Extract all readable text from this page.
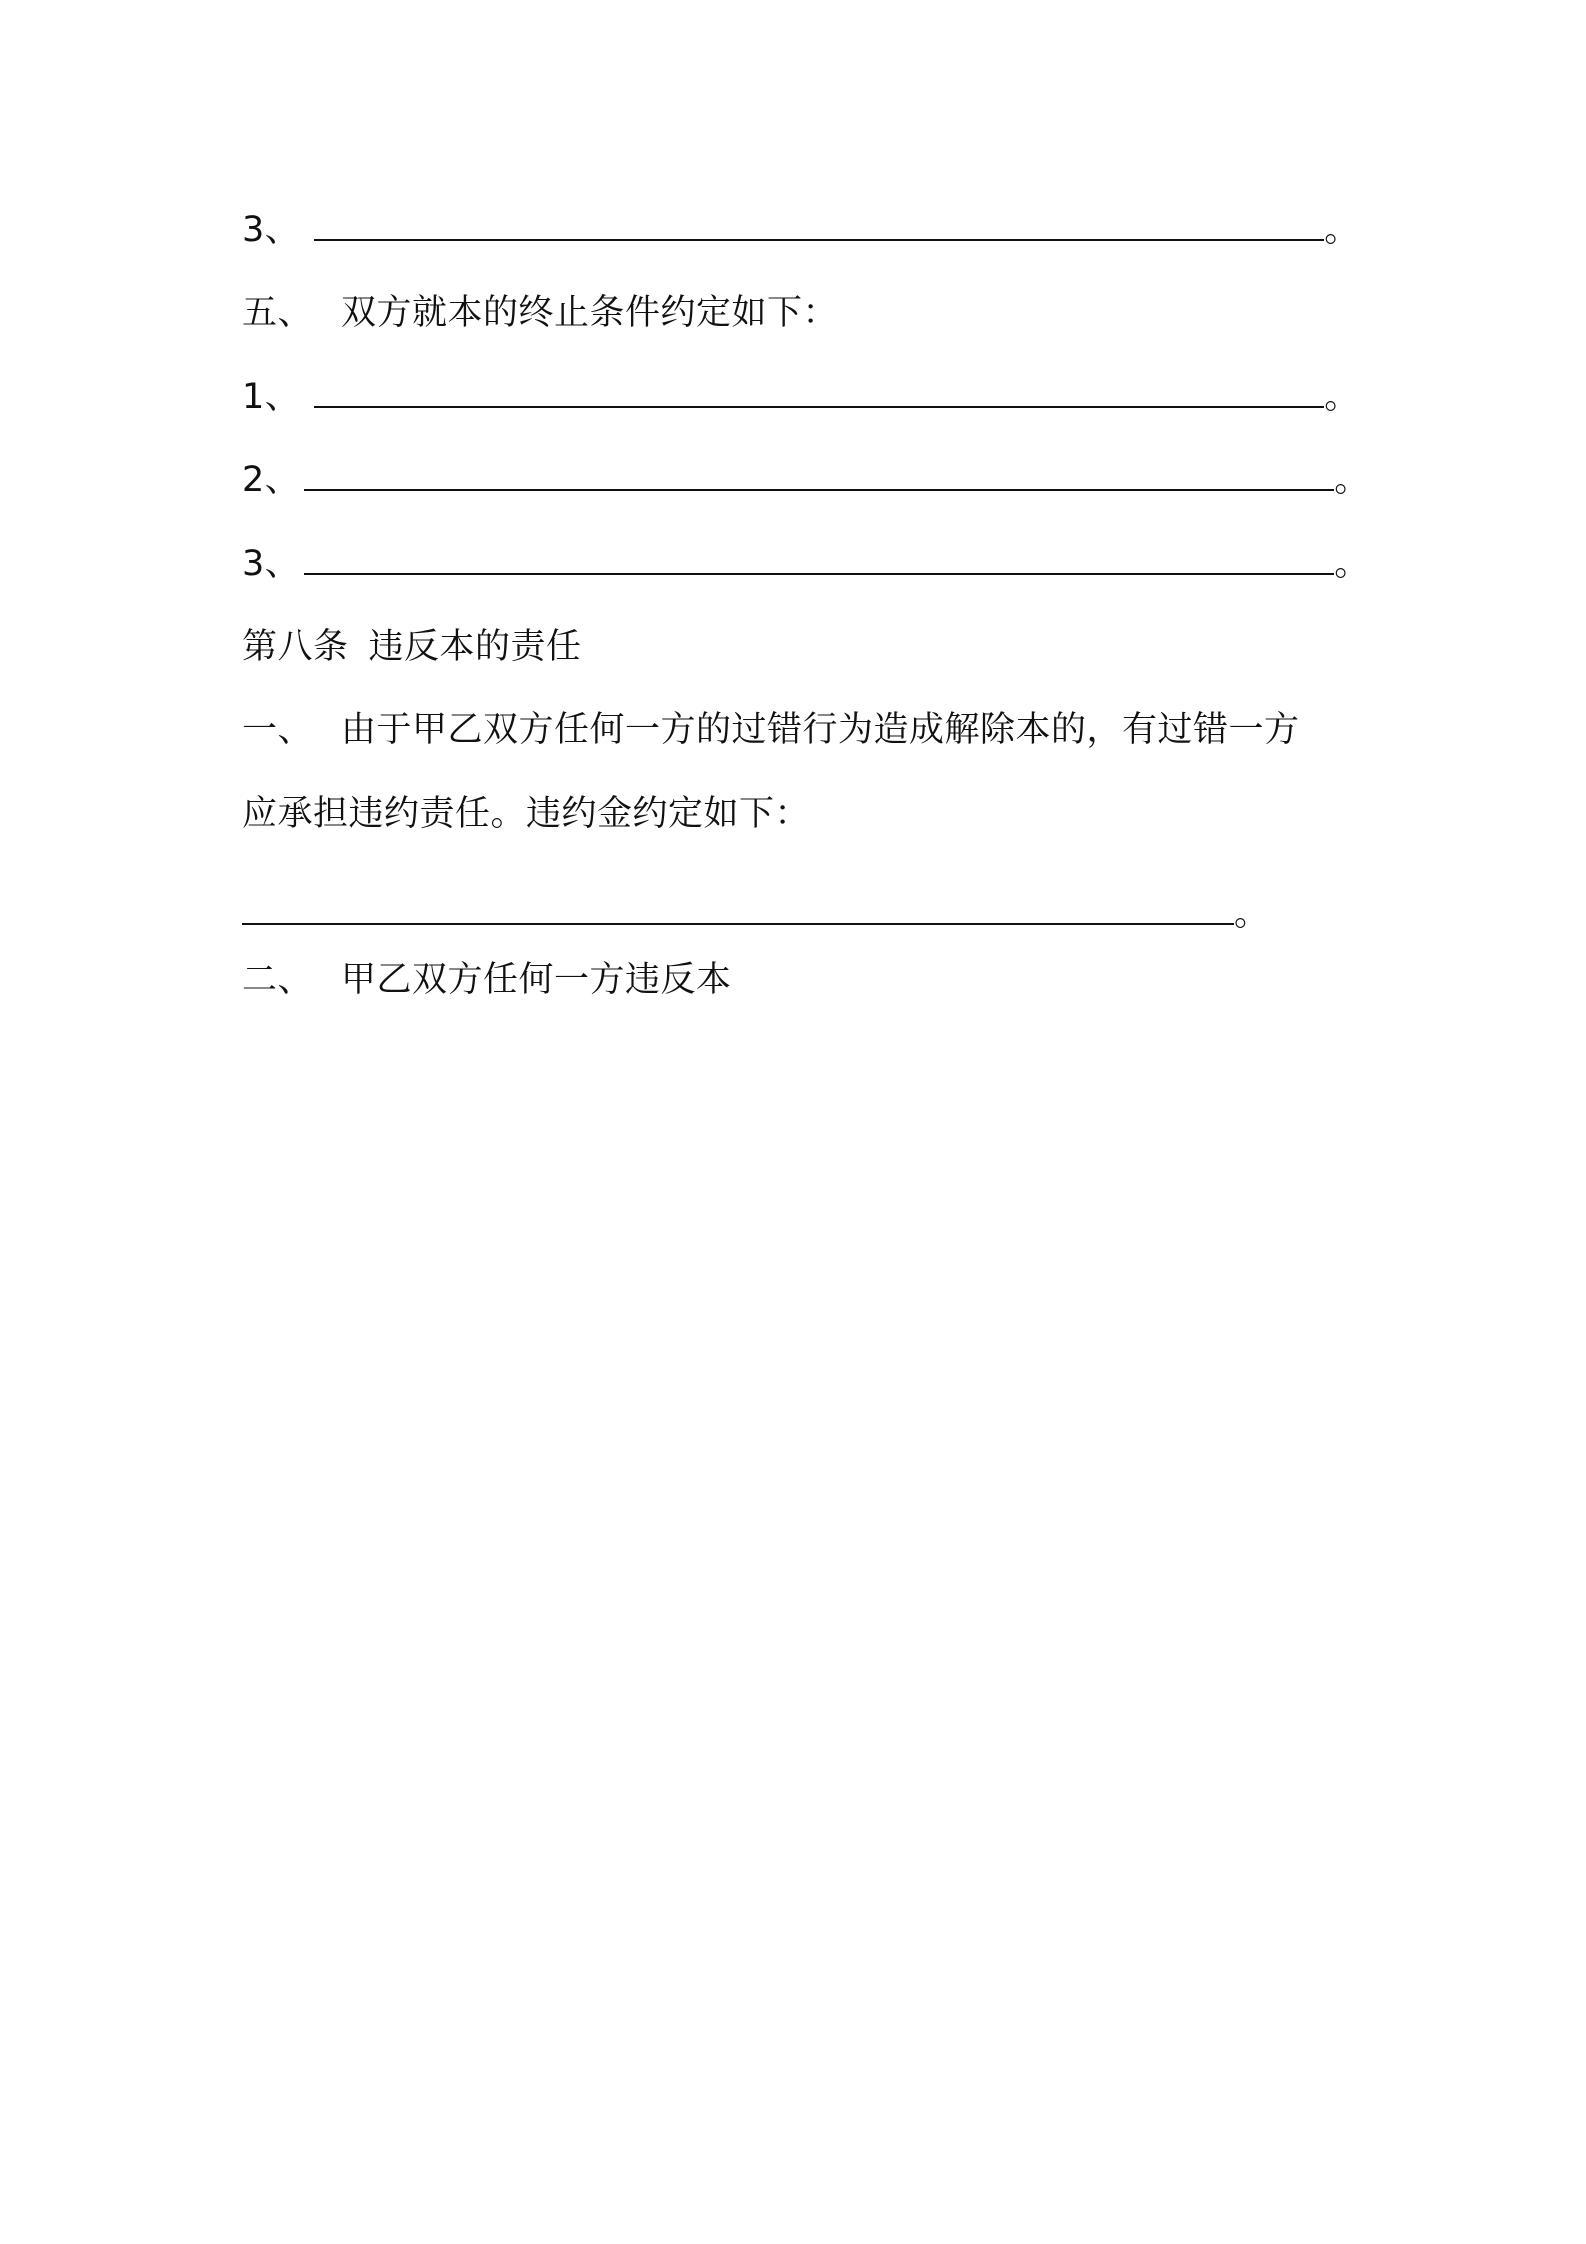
3、	。
五、 双方就本的终止条件约定如下：
1、	。
2、	。
3、	。
第八条 违反本的责任
一、 由于甲乙双方任何一方的过错行为造成解除本的，有过错一方
应承担违约责任。违约金约定如下：
。
二、 甲乙双方任何一方违反本
